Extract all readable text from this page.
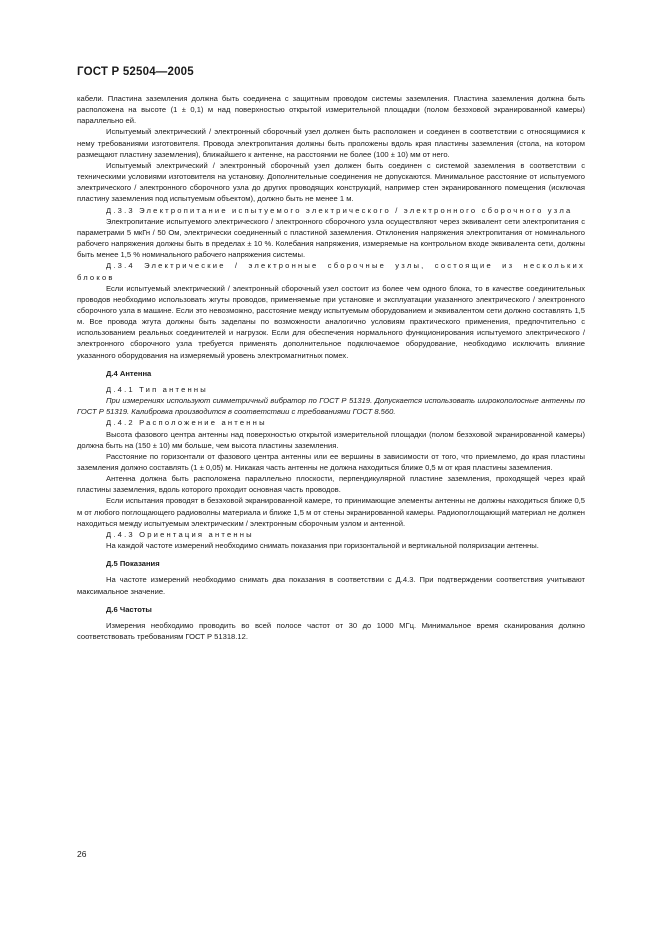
ГОСТ Р 52504—2005

кабели. Пластина заземления должна быть соединена с защитным проводом системы заземления. Пластина заземления должна быть расположена на высоте (1 ± 0,1) м над поверхностью открытой измерительной площадки (полом безэховой экранированной камеры) параллельно ей.

Испытуемый электрический / электронный сборочный узел должен быть расположен и соединен в соответствии с относящимися к нему требованиями изготовителя. Провода электропитания должны быть проложены вдоль края пластины заземления (стола, на котором размещают пластину заземления), ближайшего к антенне, на расстоянии не более (100 ± 10) мм от него.

Испытуемый электрический / электронный сборочный узел должен быть соединен с системой заземления в соответствии с техническими условиями изготовителя на установку. Дополнительные соединения не допускаются. Минимальное расстояние от испытуемого электрического / электронного сборочного узла до других проводящих конструкций, например стен экранированного помещения (исключая пластину заземления под испытуемым объектом), должно быть не менее 1 м.

Д.3.3 Электропитание испытуемого электрического / электронного сборочного узла

Электропитание испытуемого электрического / электронного сборочного узла осуществляют через эквивалент сети электропитания с параметрами 5 мкГн / 50 Ом, электрически соединенный с пластиной заземления. Отклонения напряжения электропитания от номинального рабочего напряжения должны быть в пределах ± 10 %. Колебания напряжения, измеряемые на контрольном входе эквивалента сети, должны быть менее 1,5 % номинального рабочего напряжения системы.

Д.3.4 Электрические / электронные сборочные узлы, состоящие из нескольких блоков

Если испытуемый электрический / электронный сборочный узел состоит из более чем одного блока, то в качестве соединительных проводов необходимо использовать жгуты проводов, применяемые при установке и эксплуатации указанного электрического / электронного сборочного узла в машине. Если это невозможно, расстояние между испытуемым оборудованием и эквивалентом сети должно составлять 1,5 м. Все провода жгута должны быть заделаны по возможности аналогично условиям практического применения, предпочтительно с использованием реальных соединителей и нагрузок. Если для обеспечения нормального функционирования испытуемого электрического / электронного сборочного узла требуется применять дополнительное подключаемое оборудование, необходимо исключить влияние указанного оборудования на измеряемый уровень электромагнитных помех.

Д.4 Антенна

Д.4.1 Тип антенны

При измерениях используют симметричный вибратор по ГОСТ Р 51319. Допускается использовать широкополосные антенны по ГОСТ Р 51319. Калибровка производится в соответствии с требованиями ГОСТ 8.560.

Д.4.2 Расположение антенны

Высота фазового центра антенны над поверхностью открытой измерительной площадки (полом безэховой экранированной камеры) должна быть на (150 ± 10) мм больше, чем высота пластины заземления.

Расстояние по горизонтали от фазового центра антенны или ее вершины в зависимости от того, что приемлемо, до края пластины заземления должно составлять (1 ± 0,05) м. Никакая часть антенны не должна находиться ближе 0,5 м от края пластины заземления.

Антенна должна быть расположена параллельно плоскости, перпендикулярной пластине заземления, проходящей через край пластины заземления, вдоль которого проходит основная часть проводов.

Если испытания проводят в безэховой экранированной камере, то принимающие элементы антенны не должны находиться ближе 0,5 м от любого поглощающего радиоволны материала и ближе 1,5 м от стены экранированной камеры. Радиопоглощающий материал не должен находиться между испытуемым электрическим / электронным сборочным узлом и антенной.

Д.4.3 Ориентация антенны

На каждой частоте измерений необходимо снимать показания при горизонтальной и вертикальной поляризации антенны.

Д.5 Показания

На частоте измерений необходимо снимать два показания в соответствии с Д.4.3. При подтверждении соответствия учитывают максимальное значение.

Д.6 Частоты

Измерения необходимо проводить во всей полосе частот от 30 до 1000 МГц. Минимальное время сканирования должно соответствовать требованиям ГОСТ Р 51318.12.

26
